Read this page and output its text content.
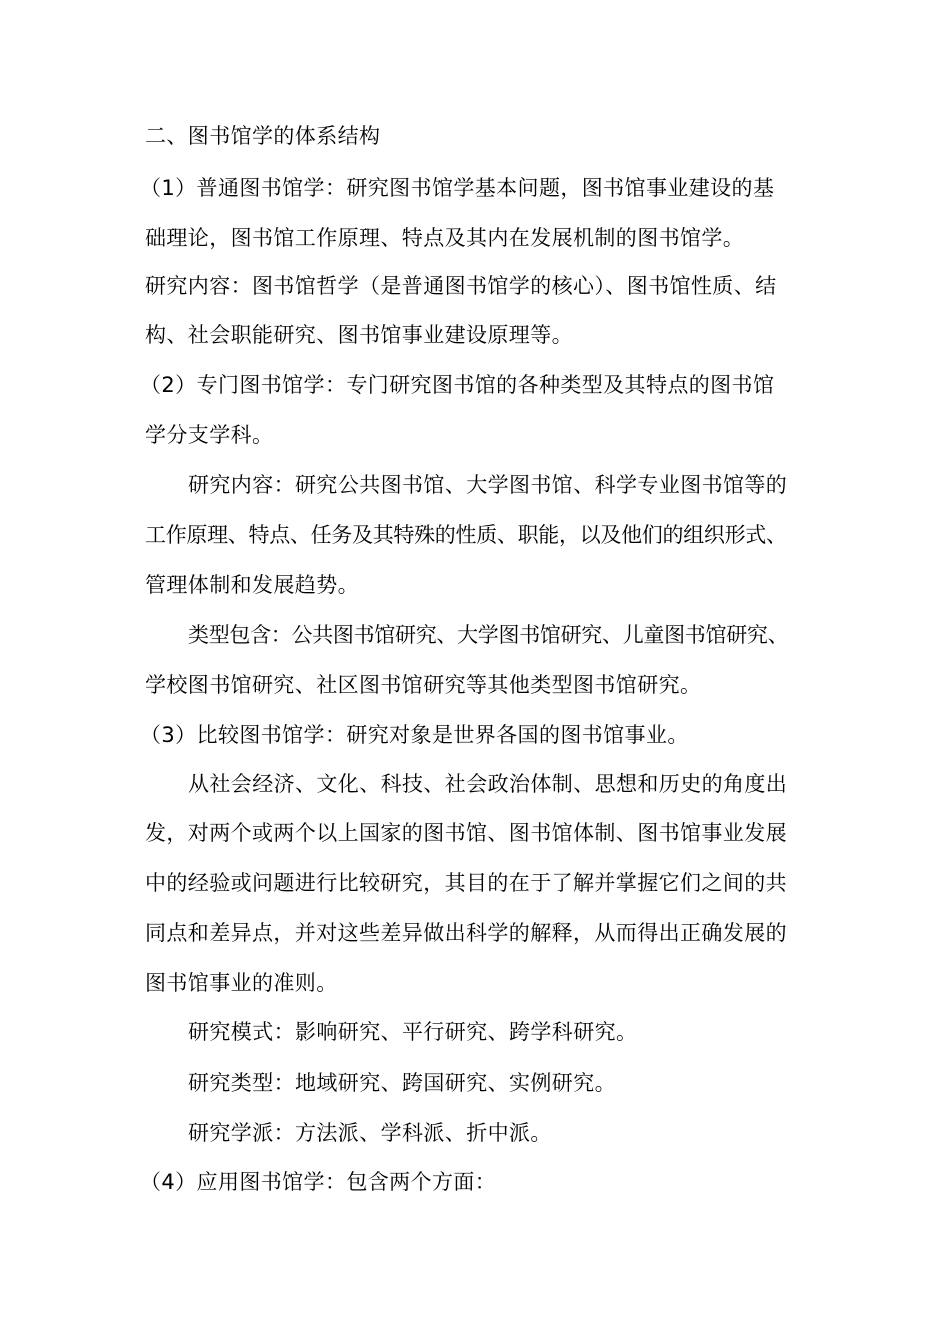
二、图书馆学的体系结构
（1）普通图书馆学：研究图书馆学基本问题，图书馆事业建设的基
础理论，图书馆工作原理、特点及其内在发展机制的图书馆学。
研究内容：图书馆哲学（是普通图书馆学的核心）、图书馆性质、结
构、社会职能研究、图书馆事业建设原理等。
（2）专门图书馆学：专门研究图书馆的各种类型及其特点的图书馆
学分支学科。
研究内容：研究公共图书馆、大学图书馆、科学专业图书馆等的
工作原理、特点、任务及其特殊的性质、职能，以及他们的组织形式、
管理体制和发展趋势。
类型包含：公共图书馆研究、大学图书馆研究、儿童图书馆研究、
学校图书馆研究、社区图书馆研究等其他类型图书馆研究。
（3）比较图书馆学：研究对象是世界各国的图书馆事业。
从社会经济、文化、科技、社会政治体制、思想和历史的角度出
发，对两个或两个以上国家的图书馆、图书馆体制、图书馆事业发展
中的经验或问题进行比较研究，其目的在于了解并掌握它们之间的共
同点和差异点，并对这些差异做出科学的解释，从而得出正确发展的
图书馆事业的准则。
研究模式：影响研究、平行研究、跨学科研究。
研究类型：地域研究、跨国研究、实例研究。
研究学派：方法派、学科派、折中派。
（4）应用图书馆学：包含两个方面：
